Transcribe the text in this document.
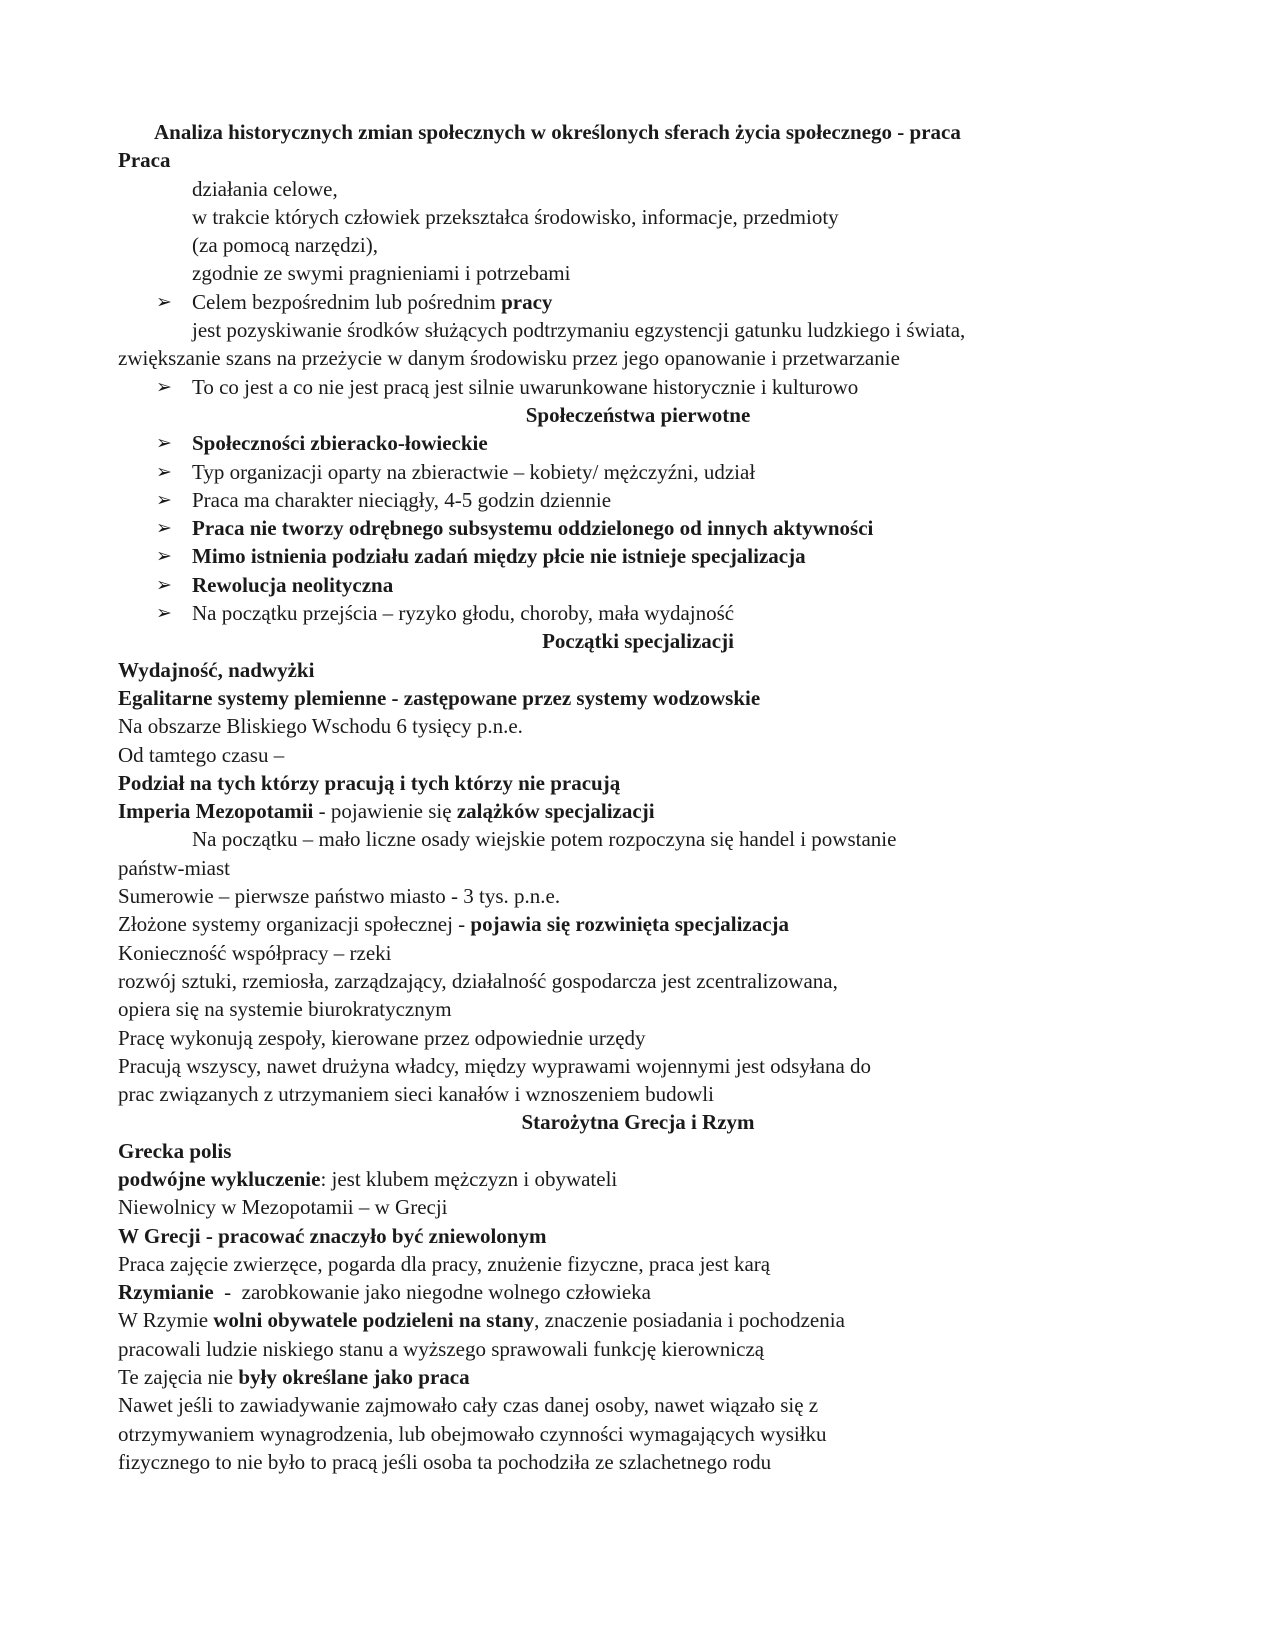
Analiza historycznych zmian społecznych w określonych sferach życia społecznego - praca
Praca
działania celowe,
w trakcie których człowiek przekształca środowisko, informacje, przedmioty
(za pomocą narzędzi),
zgodnie ze swymi pragnieniami i potrzebami
➢ Celem bezpośrednim lub pośrednim pracy
jest pozyskiwanie środków służących podtrzymaniu egzystencji gatunku ludzkiego i świata,
zwiększanie szans na przeżycie w danym środowisku przez jego opanowanie i przetwarzanie
➢ To co jest a co nie jest pracą jest silnie uwarunkowane historycznie i kulturowo
Społeczeństwa pierwotne
➢ Społeczności zbieracko-łowieckie
➢ Typ organizacji oparty na zbieractwie – kobiety/ mężczyźni, udział
➢ Praca ma charakter nieciągły, 4-5 godzin dziennie
➢ Praca nie tworzy odrębnego subsystemu oddzielonego od innych aktywności
➢ Mimo istnienia podziału zadań między płcie nie istnieje specjalizacja
➢ Rewolucja neolityczna
➢ Na początku przejścia – ryzyko głodu, choroby, mała wydajność
Początki specjalizacji
Wydajność, nadwyżki
Egalitarne systemy plemienne - zastępowane przez systemy wodzowskie
Na obszarze Bliskiego Wschodu 6 tysięcy p.n.e.
Od tamtego czasu –
Podział na tych którzy pracują i tych którzy nie pracują
Imperia Mezopotamii - pojawienie się zalążków specjalizacji
Na początku – mało liczne osady wiejskie potem rozpoczyna się handel i powstanie
państw-miast
Sumerowie – pierwsze państwo miasto - 3 tys. p.n.e.
Złożone systemy organizacji społecznej - pojawia się rozwinięta specjalizacja
Konieczność współpracy – rzeki
rozwój sztuki, rzemiosła, zarządzający, działalność gospodarcza jest zcentralizowana,
opiera się na systemie biurokratycznym
Pracę wykonują zespoły, kierowane przez odpowiednie urzędy
Pracują wszyscy, nawet drużyna władcy, między wyprawami wojennymi jest odsyłana do
prac związanych z utrzymaniem sieci kanałów i wznoszeniem budowli
Starożytna Grecja i Rzym
Grecka polis
podwójne wykluczenie: jest klubem mężczyzn i obywateli
Niewolnicy w Mezopotamii – w Grecji
W Grecji - pracować znaczyło być zniewolonym
Praca zajęcie zwierzęce, pogarda dla pracy, znużenie fizyczne, praca jest karą
Rzymianie  -  zarobkowanie jako niegodne wolnego człowieka
W Rzymie wolni obywatele podzieleni na stany, znaczenie posiadania i pochodzenia
pracowali ludzie niskiego stanu a wyższego sprawowali funkcję kierowniczą
Te zajęcia nie były określane jako praca
Nawet jeśli to zawiadywanie zajmowało cały czas danej osoby, nawet wiązało się z
otrzymywaniem wynagrodzenia, lub obejmowało czynności wymagających wysiłku
fizycznego to nie było to pracą jeśli osoba ta pochodziła ze szlachetnego rodu
